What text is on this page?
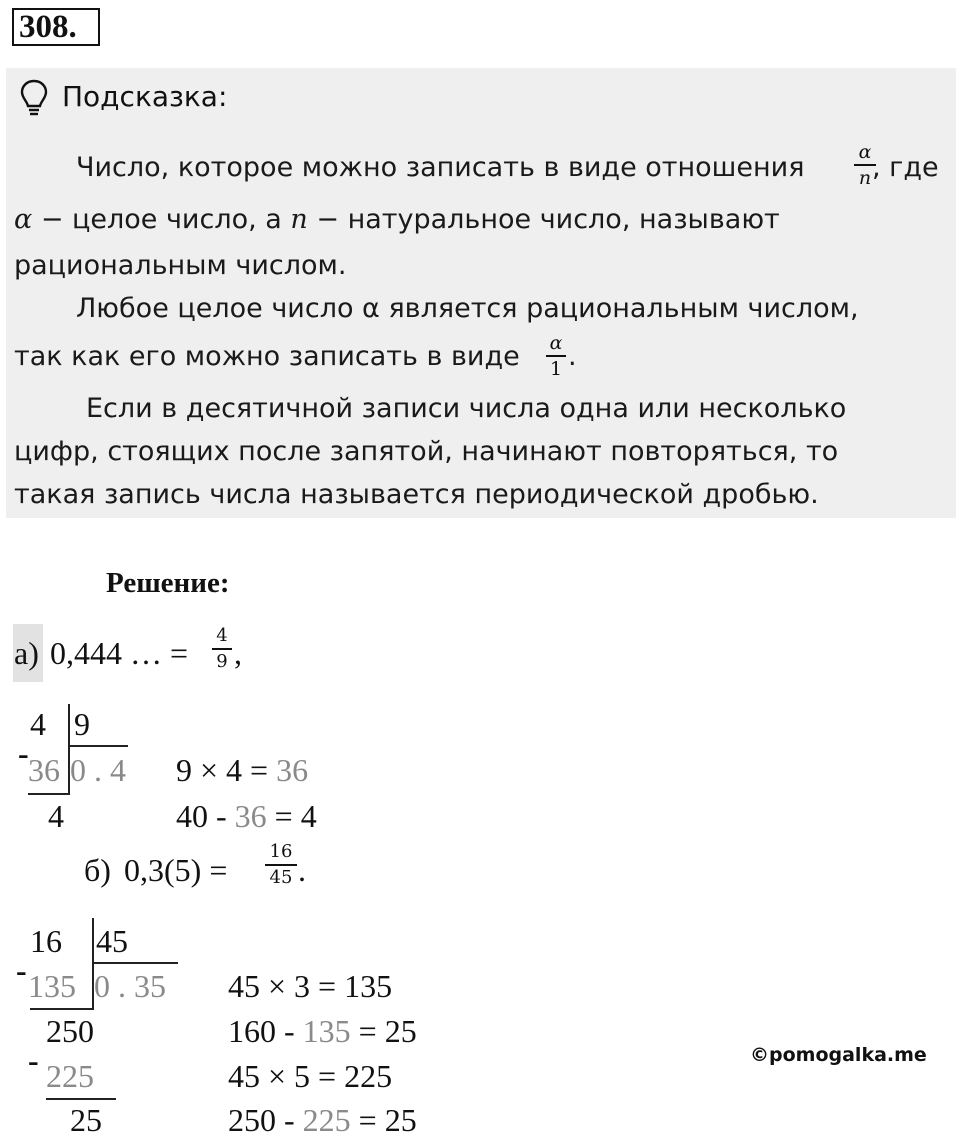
308.
Подсказка:
Число, которое можно записать в виде отношения	α
n , где
α − целое число, а n − натуральное число, называют
рациональным числом.
Любое целое число α является рациональным числом,
так как его можно записать в виде α
1 .
Если в десятичной записи числа одна или несколько
цифр, стоящих после запятой, начинают повторяться, то
такая запись числа называется периодической дробью.
Решение:
а) 0,444 … = 4
9 ,
4 9
- 36 0 . 4
4
9 × 4 = 36
40 - 36 = 4
б) 0,3(5) =
16
45 .
16 45
- 135 0 . 35
250
- 225
25
45 × 3 = 135
160 - 135 = 25
45 × 5 = 225
250 - 225 = 25
©pomogalka.me
